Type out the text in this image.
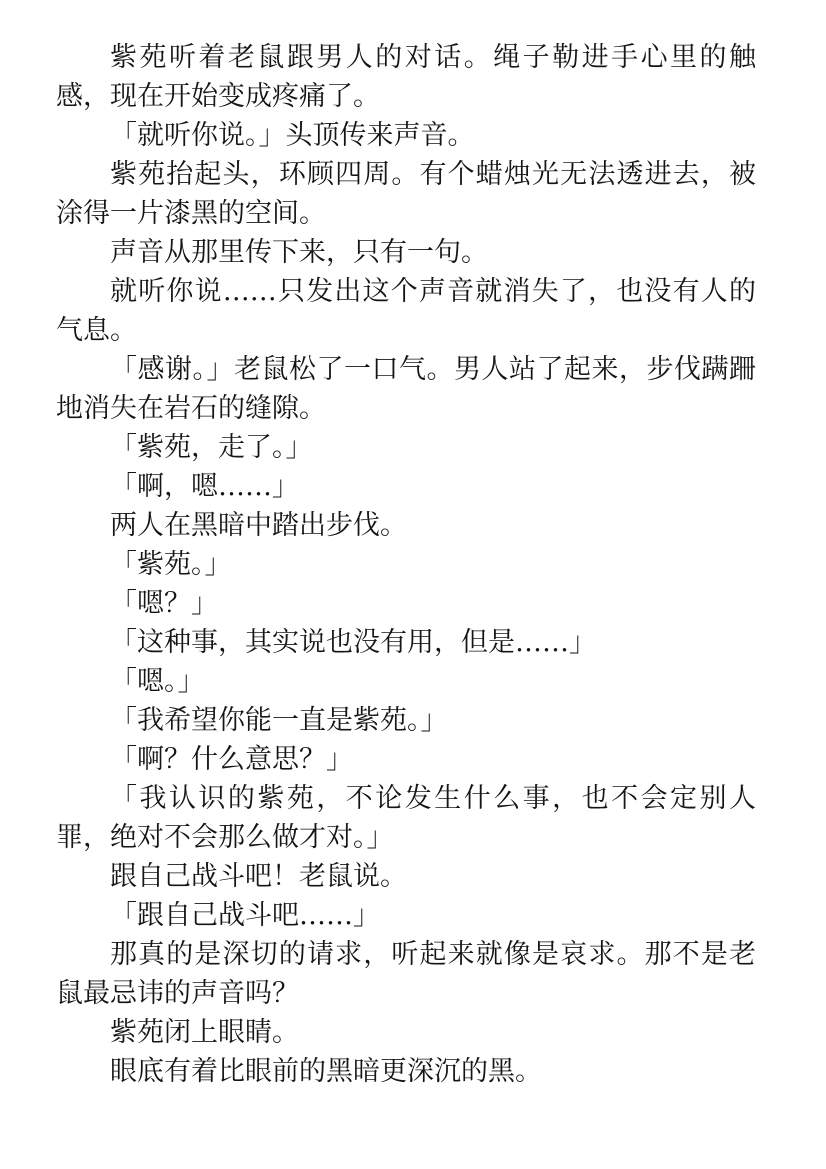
紫苑听着老鼠跟男人的对话。绳子勒进手心里的触感，现在开始变成疼痛了。

「就听你说。」头顶传来声音。

紫苑抬起头，环顾四周。有个蜡烛光无法透进去，被涂得一片漆黑的空间。

声音从那里传下来，只有一句。

就听你说……只发出这个声音就消失了，也没有人的气息。

「感谢。」老鼠松了一口气。男人站了起来，步伐蹒跚地消失在岩石的缝隙。

「紫苑，走了。」

「啊，嗯……」

两人在黑暗中踏出步伐。

「紫苑。」

「嗯？」

「这种事，其实说也没有用，但是……」

「嗯。」

「我希望你能一直是紫苑。」

「啊？什么意思？」

「我认识的紫苑，不论发生什么事，也不会定别人罪，绝对不会那么做才对。」

跟自己战斗吧！老鼠说。

「跟自己战斗吧……」

那真的是深切的请求，听起来就像是哀求。那不是老鼠最忌讳的声音吗？

紫苑闭上眼睛。

眼底有着比眼前的黑暗更深沉的黑。
